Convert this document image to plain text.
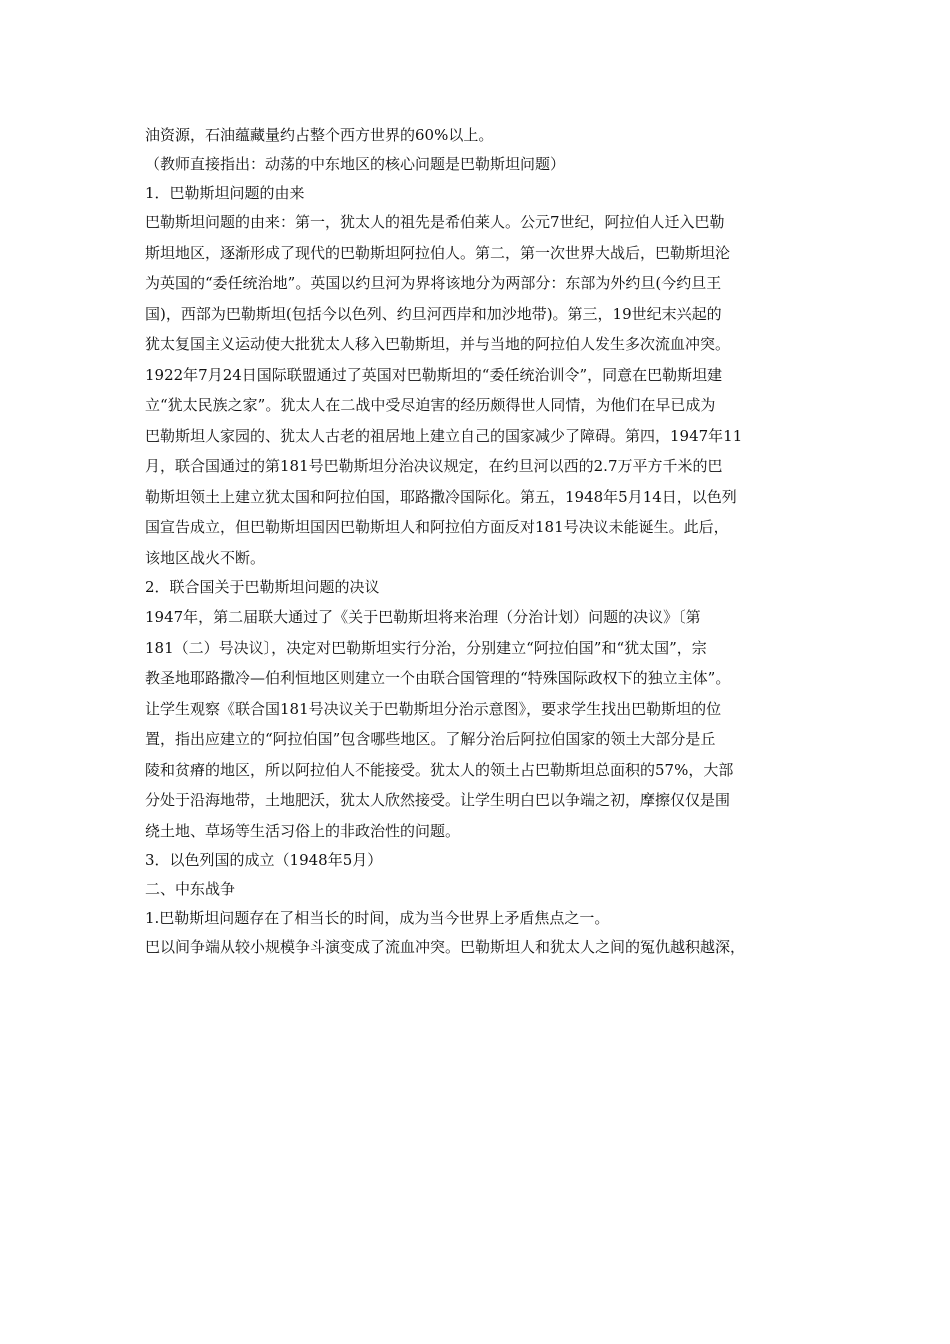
油资源，石油蕴藏量约占整个西方世界的60%以上。
（教师直接指出：动荡的中东地区的核心问题是巴勒斯坦问题）
1．巴勒斯坦问题的由来
巴勒斯坦问题的由来：第一，犹太人的祖先是希伯莱人。公元7世纪，阿拉伯人迁入巴勒
斯坦地区，逐渐形成了现代的巴勒斯坦阿拉伯人。第二，第一次世界大战后，巴勒斯坦沦
为英国的“委任统治地”。英国以约旦河为界将该地分为两部分：东部为外约旦(今约旦王
国)，西部为巴勒斯坦(包括今以色列、约旦河西岸和加沙地带)。第三，19世纪末兴起的
犹太复国主义运动使大批犹太人移入巴勒斯坦，并与当地的阿拉伯人发生多次流血冲突。
1922年7月24日国际联盟通过了英国对巴勒斯坦的“委任统治训令”，同意在巴勒斯坦建
立“犹太民族之家”。犹太人在二战中受尽迫害的经历颇得世人同情，为他们在早已成为
巴勒斯坦人家园的、犹太人古老的祖居地上建立自己的国家减少了障碍。第四，1947年11
月，联合国通过的第181号巴勒斯坦分治决议规定，在约旦河以西的2.7万平方千米的巴
勒斯坦领土上建立犹太国和阿拉伯国，耶路撒冷国际化。第五，1948年5月14日，以色列
国宣告成立，但巴勒斯坦国因巴勒斯坦人和阿拉伯方面反对181号决议未能诞生。此后，
该地区战火不断。
2．联合国关于巴勒斯坦问题的决议
1947年，第二届联大通过了《关于巴勒斯坦将来治理（分治计划）问题的决议》〔第
181（二）号决议〕，决定对巴勒斯坦实行分治，分别建立“阿拉伯国”和“犹太国”，宗
教圣地耶路撒冷—伯利恒地区则建立一个由联合国管理的“特殊国际政权下的独立主体”。
让学生观察《联合国181号决议关于巴勒斯坦分治示意图》，要求学生找出巴勒斯坦的位
置，指出应建立的“阿拉伯国”包含哪些地区。了解分治后阿拉伯国家的领土大部分是丘
陵和贫瘠的地区，所以阿拉伯人不能接受。犹太人的领土占巴勒斯坦总面积的57%，大部
分处于沿海地带，土地肥沃，犹太人欣然接受。让学生明白巴以争端之初，摩擦仅仅是围
绕土地、草场等生活习俗上的非政治性的问题。
3．以色列国的成立（1948年5月）
二、中东战争
1.巴勒斯坦问题存在了相当长的时间，成为当今世界上矛盾焦点之一。
巴以间争端从较小规模争斗演变成了流血冲突。巴勒斯坦人和犹太人之间的冤仇越积越深，
